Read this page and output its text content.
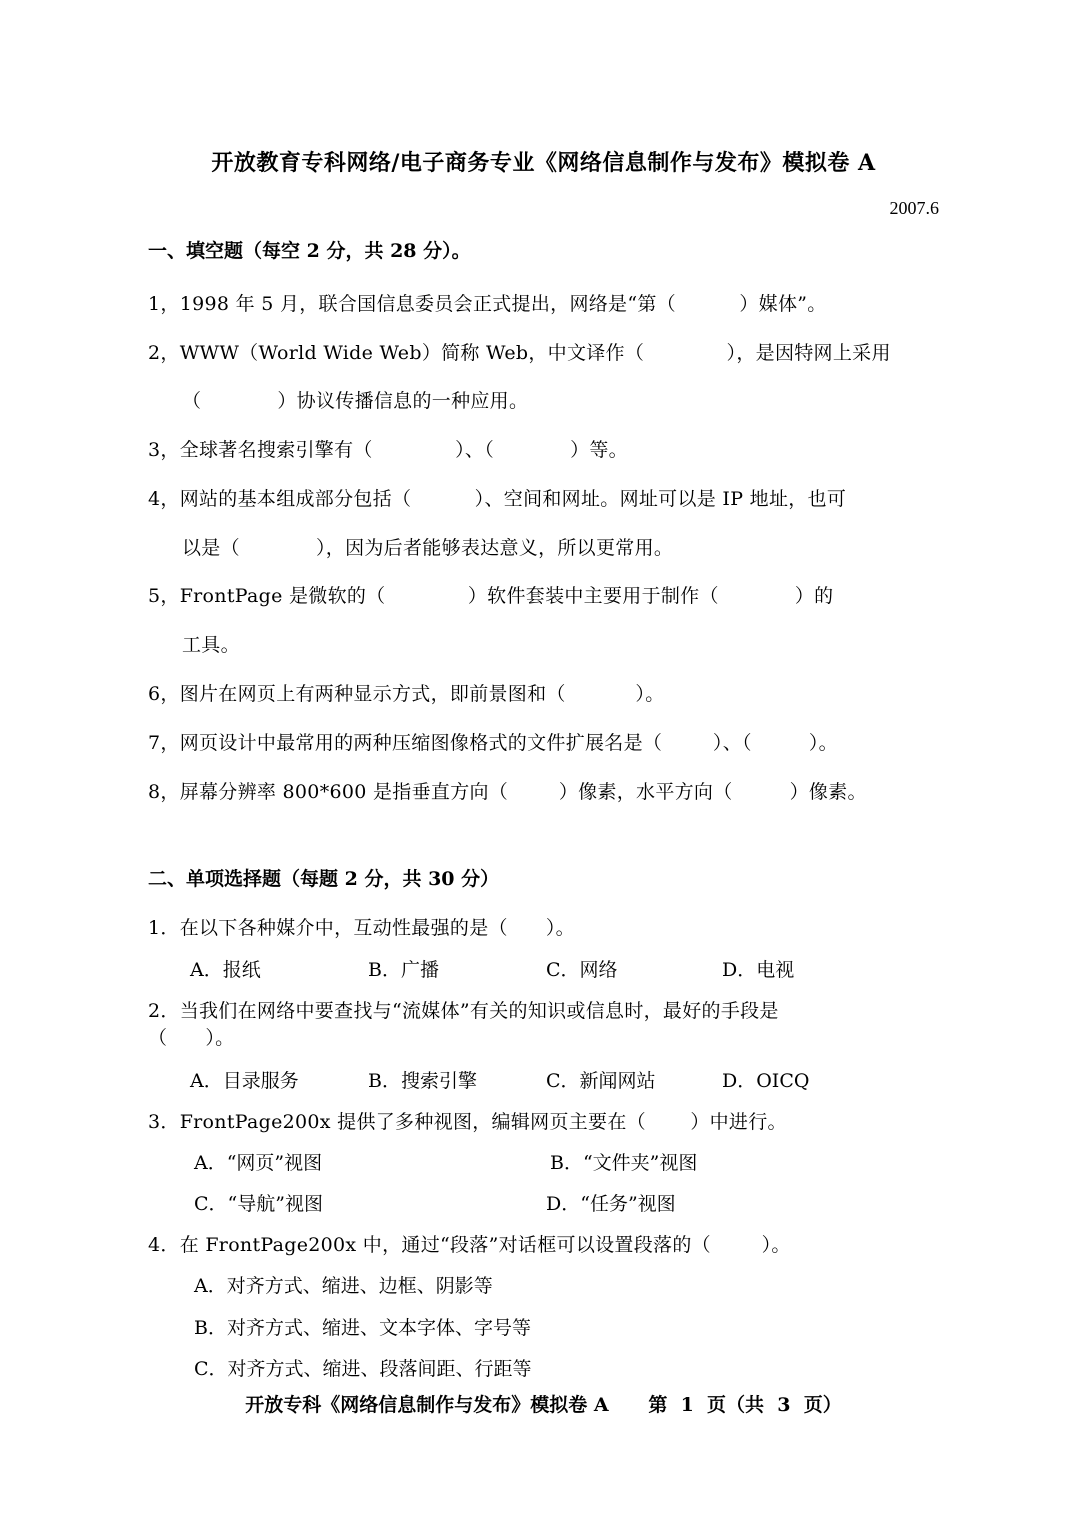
开放教育专科网络/电子商务专业《网络信息制作与发布》模拟卷 A
2007.6
一、填空题（每空 2 分，共 28 分）。
1，1998 年 5 月，联合国信息委员会正式提出，网络是“第（          ）媒体”。
2，WWW（World Wide Web）简称 Web，中文译作（             ），是因特网上采用
（            ）协议传播信息的一种应用。
3，全球著名搜索引擎有（             ）、（            ）等。
4，网站的基本组成部分包括（          ）、空间和网址。网址可以是 IP 地址，也可
以是（            ），因为后者能够表达意义，所以更常用。
5，FrontPage 是微软的（             ）软件套装中主要用于制作（            ）的
工具。
6，图片在网页上有两种显示方式，即前景图和（           ）。
7，网页设计中最常用的两种压缩图像格式的文件扩展名是（        ）、（         ）。
8，屏幕分辨率 800*600 是指垂直方向（        ）像素，水平方向（         ）像素。
二、单项选择题（每题 2 分，共 30 分）
1．在以下各种媒介中，互动性最强的是（      ）。
A．报纸	B．广播	C．网络	D．电视
2．当我们在网络中要查找与“流媒体”有关的知识或信息时，最好的手段是
（      ）。
A．目录服务	B．搜索引擎	C．新闻网站	D．OICQ
3．FrontPage200x 提供了多种视图，编辑网页主要在（       ）中进行。
A．“网页”视图	B．“文件夹”视图
C．“导航”视图	D．“任务”视图
4．在 FrontPage200x 中，通过“段落”对话框可以设置段落的（        ）。
A．对齐方式、缩进、边框、阴影等
B．对齐方式、缩进、文本字体、字号等
C．对齐方式、缩进、段落间距、行距等
开放专科《网络信息制作与发布》模拟卷 A      第  1  页（共  3  页）
